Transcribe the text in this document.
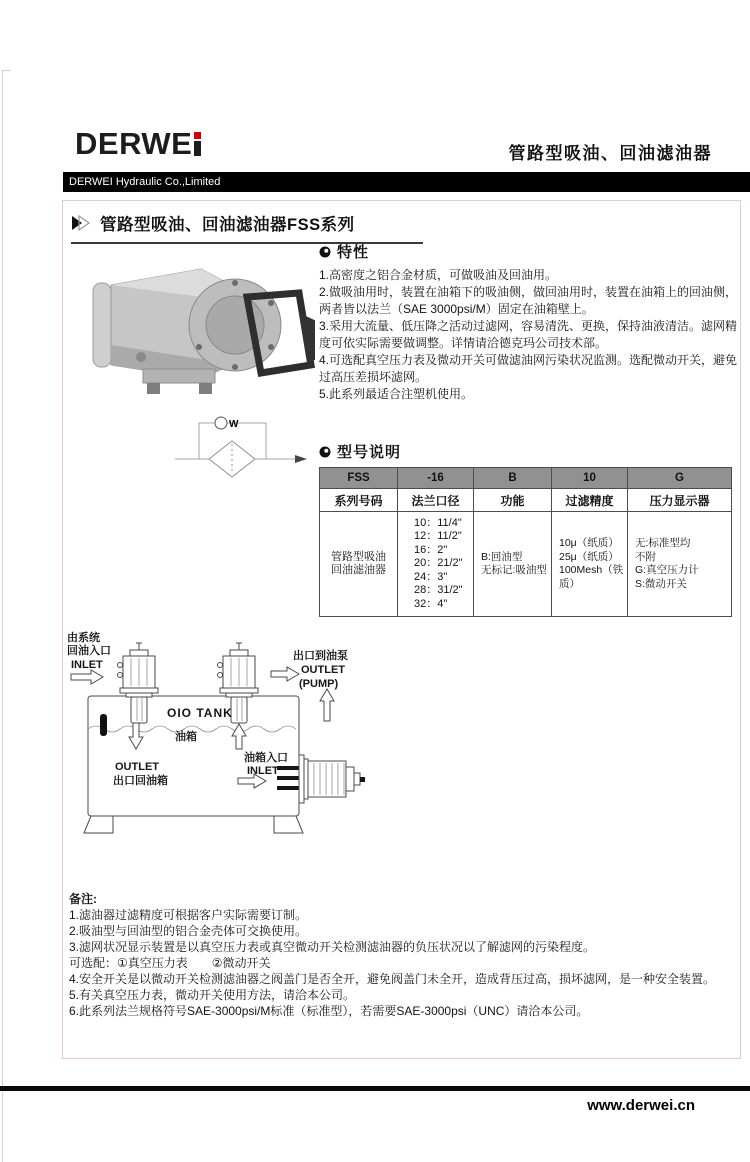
DERWE	管路型吸油、回油滤油器
DERWEI Hydraulic Co.,Limited
管路型吸油、回油滤油器FSS系列
特性
1.高密度之铝合金材质，可做吸油及回油用。
2.做吸油用时，装置在油箱下的吸油侧，做回油用时，装置在油箱上的回油侧，两者皆以法兰（SAE 3000psi/M）固定在油箱壁上。
3.采用大流量、低压降之活动过滤网，容易清洗、更换，保持油液清洁。滤网精度可依实际需要做调整。详情请洽德克玛公司技术部。
4.可选配真空压力表及微动开关可做滤油网污染状况监测。选配微动开关，避免过高压差损坏滤网。
5.此系列最适合注塑机使用。
W
型号说明
FSS	-16	B	10	G
系列号码	法兰口径	功能	过滤精度	压力显示器

管路型吸油
回油滤油器

10：11/4"
12：11/2"
16：2"
20：21/2"
24：3"
28：31/2"
32：4"

B:回油型
无标记:吸油型

10μ（纸质）
25μ（纸质）
100Mesh（铁质）

无:标准型均
不附
G:真空压力计
S:微动开关
由系统
回油入口
INLET
出口到油泵
OUTLET
(PUMP)
OIO TANK
油箱
OUTLET
出口回油箱
油箱入口
INLET
备注:
1.滤油器过滤精度可根据客户实际需要订制。
2.吸油型与回油型的铝合金壳体可交换使用。
3.滤网状况显示装置是以真空压力表或真空微动开关检测滤油器的负压状况以了解滤网的污染程度。
可选配：①真空压力表　　②微动开关
4.安全开关是以微动开关检测滤油器之阀盖门是否全开，避免阀盖门未全开，造成背压过高，损坏滤网，是一种安全装置。
5.有关真空压力表，微动开关使用方法，请洽本公司。
6.此系列法兰规格符号SAE-3000psi/M标准（标准型），若需要SAE-3000psi（UNC）请洽本公司。
www.derwei.cn
